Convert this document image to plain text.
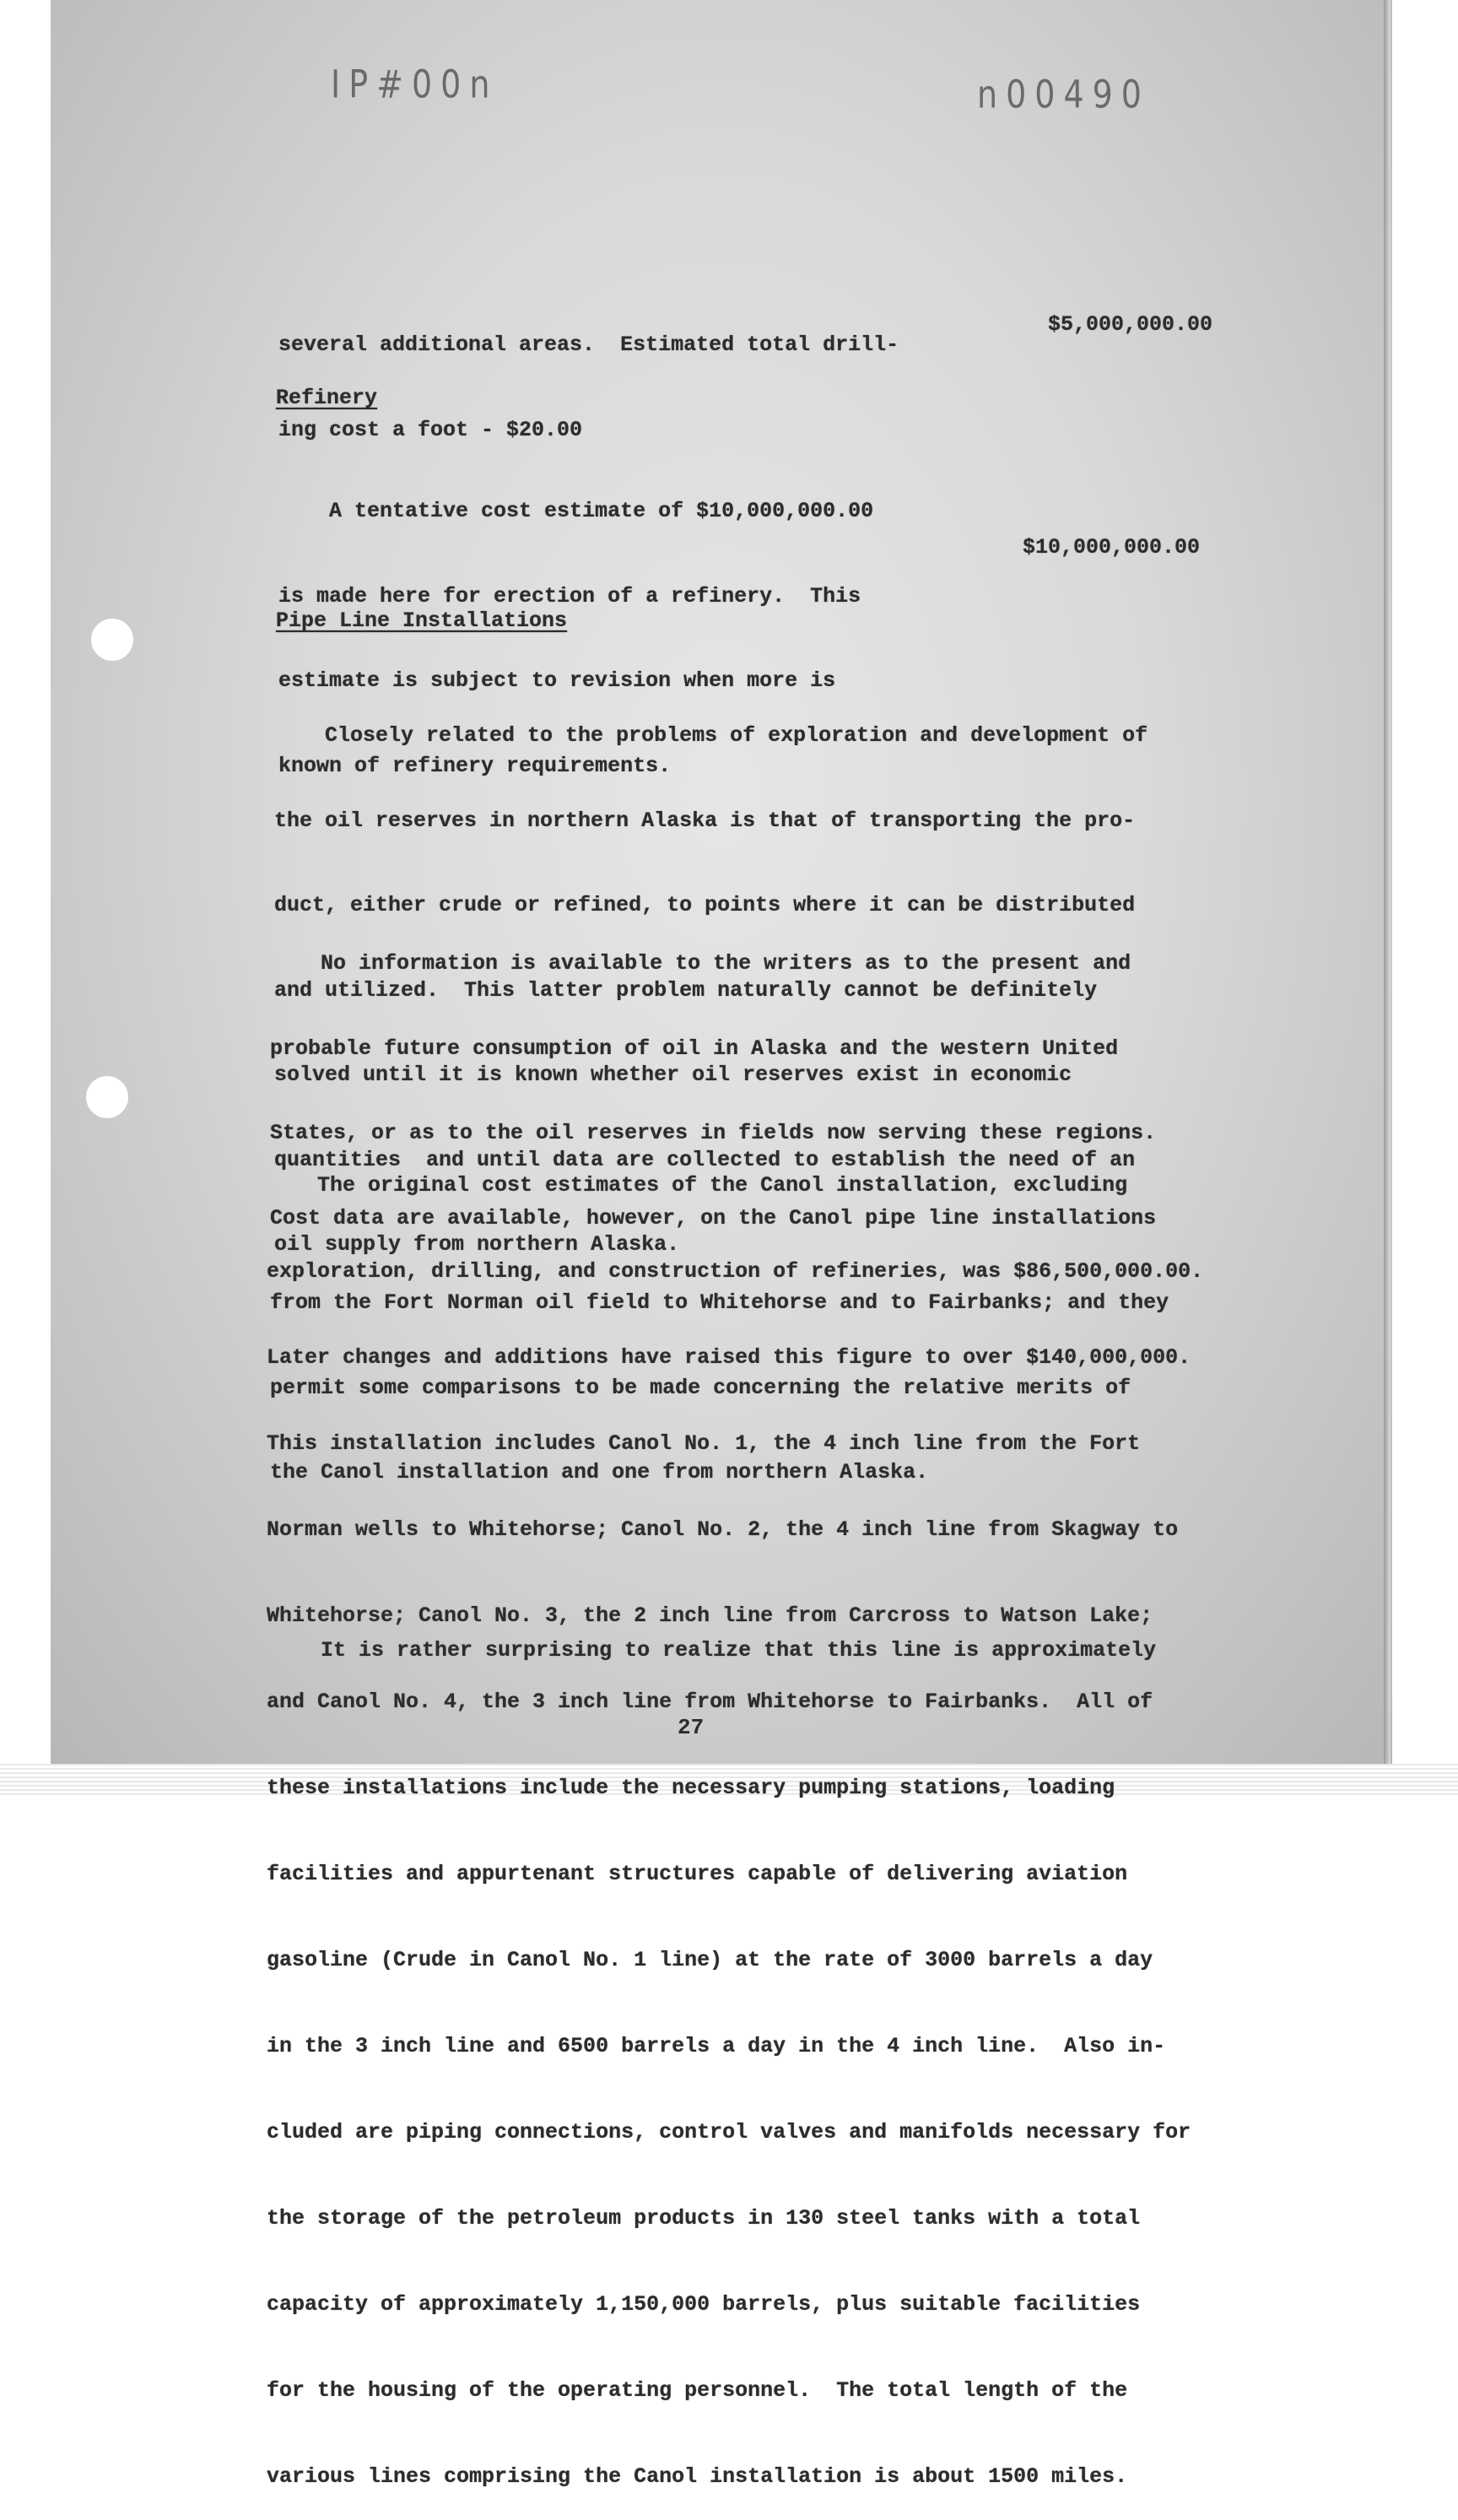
IP#00n	n00490

several additional areas.  Estimated total drill-

ing cost a foot - $20.00

$5,000,000.00
Refinery

A tentative cost estimate of $10,000,000.00

is made here for erection of a refinery.  This

estimate is subject to revision when more is

known of refinery requirements.

$10,000,000.00
Pipe Line Installations

Closely related to the problems of exploration and development of

the oil reserves in northern Alaska is that of transporting the pro-

duct, either crude or refined, to points where it can be distributed

and utilized.  This latter problem naturally cannot be definitely

solved until it is known whether oil reserves exist in economic

quantities  and until data are collected to establish the need of an

oil supply from northern Alaska.

No information is available to the writers as to the present and

probable future consumption of oil in Alaska and the western United

States, or as to the oil reserves in fields now serving these regions.

Cost data are available, however, on the Canol pipe line installations

from the Fort Norman oil field to Whitehorse and to Fairbanks; and they

permit some comparisons to be made concerning the relative merits of

the Canol installation and one from northern Alaska.

The original cost estimates of the Canol installation, excluding

exploration, drilling, and construction of refineries, was $86,500,000.00.

Later changes and additions have raised this figure to over $140,000,000.

This installation includes Canol No. 1, the 4 inch line from the Fort

Norman wells to Whitehorse; Canol No. 2, the 4 inch line from Skagway to

Whitehorse; Canol No. 3, the 2 inch line from Carcross to Watson Lake;

and Canol No. 4, the 3 inch line from Whitehorse to Fairbanks.  All of

these installations include the necessary pumping stations, loading

facilities and appurtenant structures capable of delivering aviation

gasoline (Crude in Canol No. 1 line) at the rate of 3000 barrels a day

in the 3 inch line and 6500 barrels a day in the 4 inch line.  Also in-

cluded are piping connections, control valves and manifolds necessary for

the storage of the petroleum products in 130 steel tanks with a total

capacity of approximately 1,150,000 barrels, plus suitable facilities

for the housing of the operating personnel.  The total length of the

various lines comprising the Canol installation is about 1500 miles.

It is rather surprising to realize that this line is approximately

27
